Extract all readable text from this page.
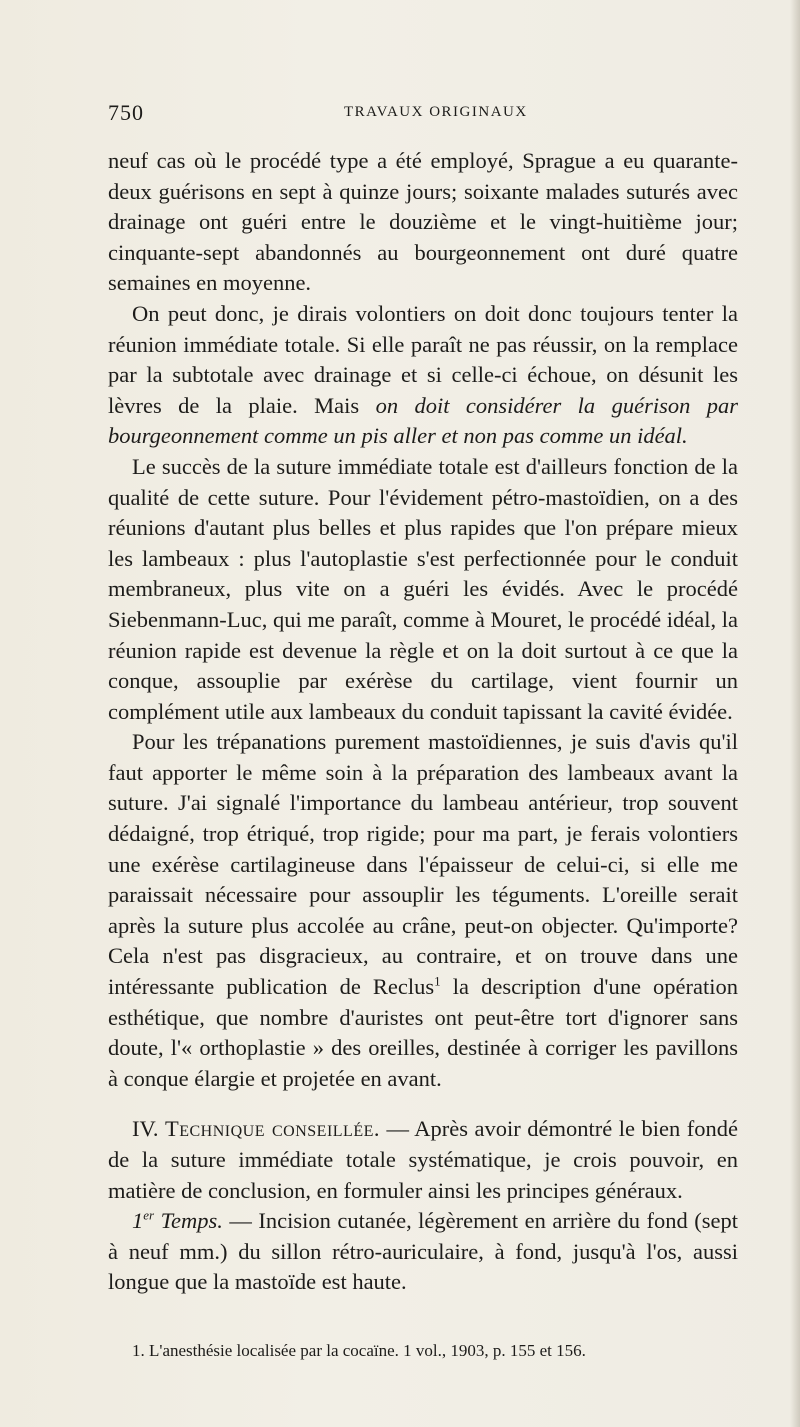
750	TRAVAUX ORIGINAUX

neuf cas où le procédé type a été employé, Sprague a eu quarante-deux guérisons en sept à quinze jours; soixante malades suturés avec drainage ont guéri entre le douzième et le vingt-huitième jour; cinquante-sept abandonnés au bourgeonnement ont duré quatre semaines en moyenne.

On peut donc, je dirais volontiers on doit donc toujours tenter la réunion immédiate totale. Si elle paraît ne pas réussir, on la remplace par la subtotale avec drainage et si celle-ci échoue, on désunit les lèvres de la plaie. Mais on doit considérer la guérison par bourgeonnement comme un pis aller et non pas comme un idéal.

Le succès de la suture immédiate totale est d'ailleurs fonction de la qualité de cette suture. Pour l'évidement pétro-mastoïdien, on a des réunions d'autant plus belles et plus rapides que l'on prépare mieux les lambeaux : plus l'autoplastie s'est perfectionnée pour le conduit membraneux, plus vite on a guéri les évidés. Avec le procédé Siebenmann-Luc, qui me paraît, comme à Mouret, le procédé idéal, la réunion rapide est devenue la règle et on la doit surtout à ce que la conque, assouplie par exérèse du cartilage, vient fournir un complément utile aux lambeaux du conduit tapissant la cavité évidée.

Pour les trépanations purement mastoïdiennes, je suis d'avis qu'il faut apporter le même soin à la préparation des lambeaux avant la suture. J'ai signalé l'importance du lambeau antérieur, trop souvent dédaigné, trop étriqué, trop rigide; pour ma part, je ferais volontiers une exérèse cartilagineuse dans l'épaisseur de celui-ci, si elle me paraissait nécessaire pour assouplir les téguments. L'oreille serait après la suture plus accolée au crâne, peut-on objecter. Qu'importe? Cela n'est pas disgracieux, au contraire, et on trouve dans une intéressante publication de Reclus$^1$ la description d'une opération esthétique, que nombre d'auristes ont peut-être tort d'ignorer sans doute, l'« orthoplastie » des oreilles, destinée à corriger les pavillons à conque élargie et projetée en avant.

IV. Technique conseillée. — Après avoir démontré le bien fondé de la suture immédiate totale systématique, je crois pouvoir, en matière de conclusion, en formuler ainsi les principes généraux.

1er Temps. — Incision cutanée, légèrement en arrière du fond (sept à neuf mm.) du sillon rétro-auriculaire, à fond, jusqu'à l'os, aussi longue que la mastoïde est haute.

1. L'anesthésie localisée par la cocaïne. 1 vol., 1903, p. 155 et 156.
